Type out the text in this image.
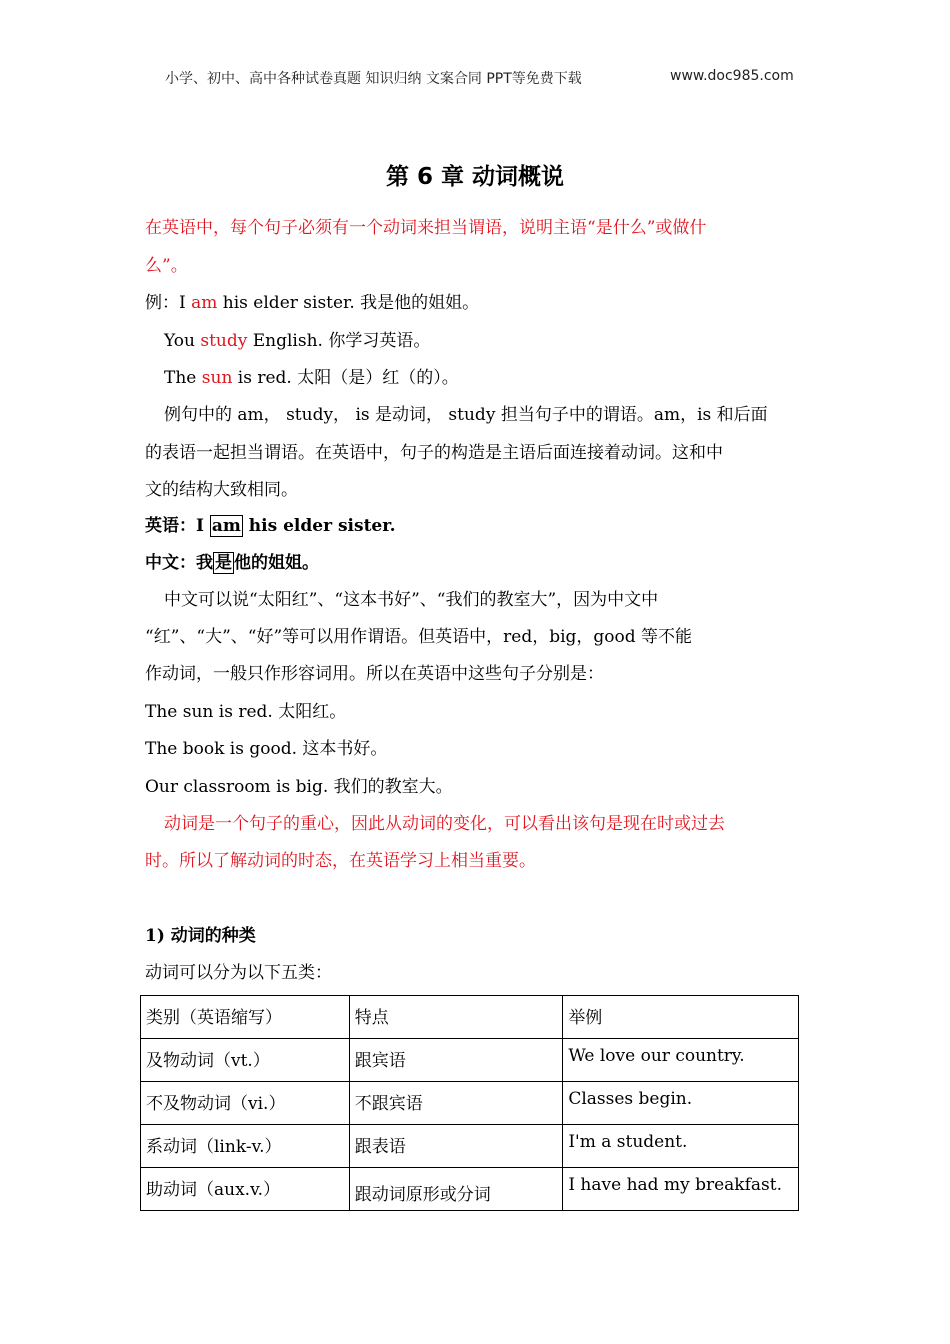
小学、初中、高中各种试卷真题 知识归纳 文案合同 PPT等免费下载	www.doc985.com
第 6 章 动词概说
在英语中，每个句子必须有一个动词来担当谓语，说明主语“是什么”或做什
么”。
例：I am his elder sister. 我是他的姐姐。
You study English. 你学习英语。
The sun is red. 太阳（是）红（的）。
例句中的 am， study， is 是动词， study 担当句子中的谓语。am，is 和后面
的表语一起担当谓语。在英语中，句子的构造是主语后面连接着动词。这和中
文的结构大致相同。
英语：I am his elder sister.
中文：我 是 他的姐姐。
中文可以说“太阳红”、“这本书好”、“我们的教室大”，因为中文中
“红”、“大”、“好”等可以用作谓语。但英语中，red，big，good 等不能
作动词，一般只作形容词用。所以在英语中这些句子分别是：
The sun is red. 太阳红。
The book is good. 这本书好。
Our classroom is big. 我们的教室大。
动词是一个句子的重心，因此从动词的变化，可以看出该句是现在时或过去
时。所以了解动词的时态，在英语学习上相当重要。
1) 动词的种类
动词可以分为以下五类：
类别（英语缩写）	特点	举例
及物动词（vt.）	跟宾语	We love our country.
不及物动词（vi.）	不跟宾语	Classes begin.
系动词（link-v.）	跟表语	I'm a student.
助动词（aux.v.）	跟动词原形或分词	I have had my breakfast.
